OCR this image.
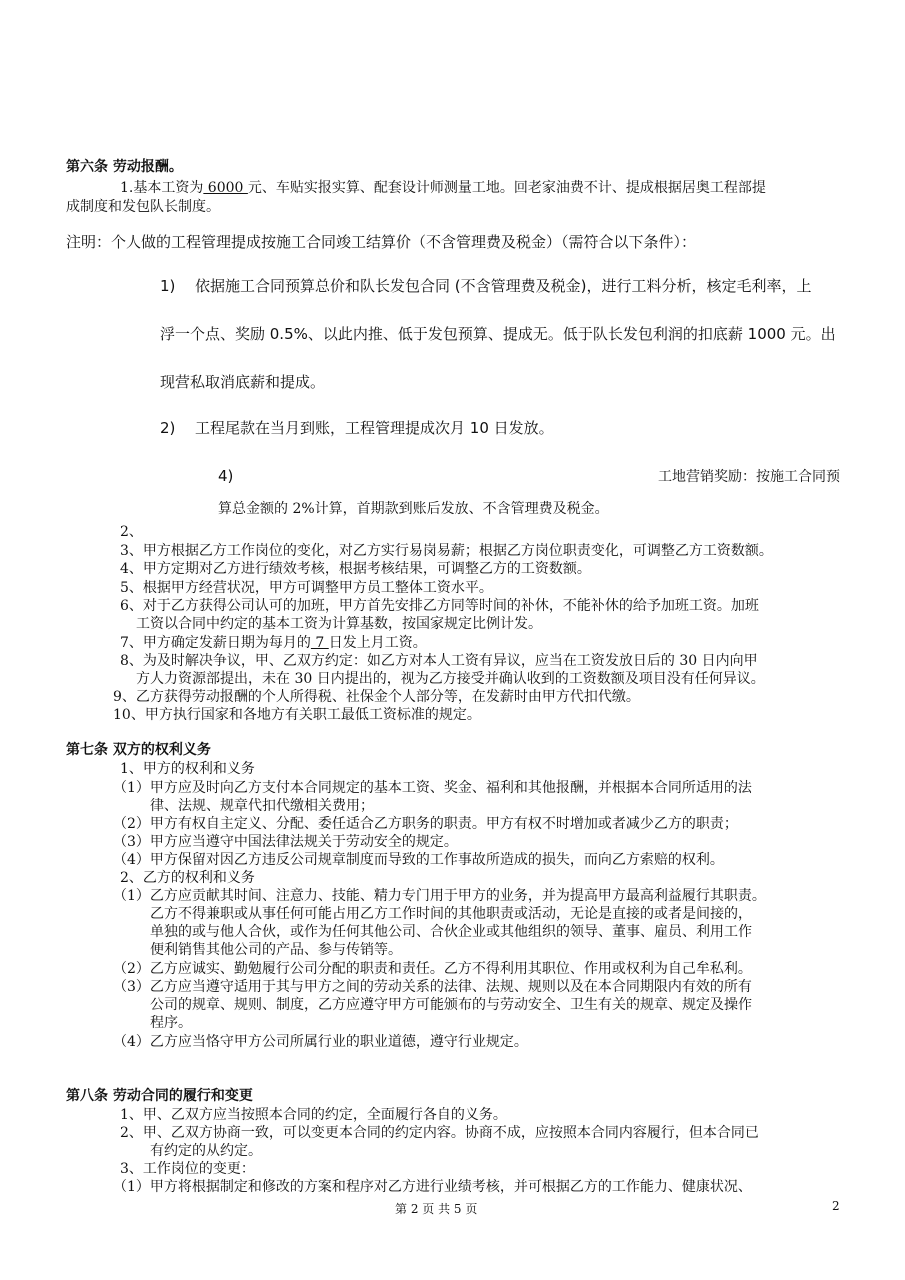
第六条 劳动报酬。
1.基本工资为 6000 元、车贴实报实算、配套设计师测量工地。回老家油费不计、提成根据居奥工程部提
成制度和发包队长制度。
注明：个人做的工程管理提成按施工合同竣工结算价（不含管理费及税金）（需符合以下条件）：
1) 依据施工合同预算总价和队长发包合同 (不含管理费及税金)，进行工料分析，核定毛利率，上
浮一个点、奖励 0.5%、以此内推、低于发包预算、提成无。低于队长发包利润的扣底薪 1000 元。出
现营私取消底薪和提成。
2) 工程尾款在当月到账，工程管理提成次月 10 日发放。
4)	工地营销奖励：按施工合同预
算总金额的 2%计算，首期款到账后发放、不含管理费及税金。
2、
3、甲方根据乙方工作岗位的变化，对乙方实行易岗易薪；根据乙方岗位职责变化，可调整乙方工资数额。
4、甲方定期对乙方进行绩效考核，根据考核结果，可调整乙方的工资数额。
5、根据甲方经营状况，甲方可调整甲方员工整体工资水平。
6、对于乙方获得公司认可的加班，甲方首先安排乙方同等时间的补休，不能补休的给予加班工资。加班
工资以合同中约定的基本工资为计算基数，按国家规定比例计发。
7、甲方确定发薪日期为每月的 7 日发上月工资。
8、为及时解决争议，甲、乙双方约定：如乙方对本人工资有异议，应当在工资发放日后的 30 日内向甲
方人力资源部提出，未在 30 日内提出的，视为乙方接受并确认收到的工资数额及项目没有任何异议。
9、乙方获得劳动报酬的个人所得税、社保金个人部分等，在发薪时由甲方代扣代缴。
10、甲方执行国家和各地方有关职工最低工资标准的规定。
第七条 双方的权利义务
1、甲方的权利和义务
（1）甲方应及时向乙方支付本合同规定的基本工资、奖金、福利和其他报酬，并根据本合同所适用的法
律、法规、规章代扣代缴相关费用；
（2）甲方有权自主定义、分配、委任适合乙方职务的职责。甲方有权不时增加或者减少乙方的职责；
（3）甲方应当遵守中国法律法规关于劳动安全的规定。
（4）甲方保留对因乙方违反公司规章制度而导致的工作事故所造成的损失，而向乙方索赔的权利。
2、乙方的权利和义务
（1）乙方应贡献其时间、注意力、技能、精力专门用于甲方的业务，并为提高甲方最高利益履行其职责。
乙方不得兼职或从事任何可能占用乙方工作时间的其他职责或活动，无论是直接的或者是间接的，
单独的或与他人合伙，或作为任何其他公司、合伙企业或其他组织的领导、董事、雇员、利用工作
便利销售其他公司的产品、参与传销等。
（2）乙方应诚实、勤勉履行公司分配的职责和责任。乙方不得利用其职位、作用或权利为自己牟私利。
（3）乙方应当遵守适用于其与甲方之间的劳动关系的法律、法规、规则以及在本合同期限内有效的所有
公司的规章、规则、制度，乙方应遵守甲方可能颁布的与劳动安全、卫生有关的规章、规定及操作
程序。
（4）乙方应当恪守甲方公司所属行业的职业道德，遵守行业规定。
第八条 劳动合同的履行和变更
1、甲、乙双方应当按照本合同的约定，全面履行各自的义务。
2、甲、乙双方协商一致，可以变更本合同的约定内容。协商不成，应按照本合同内容履行，但本合同已
有约定的从约定。
3、工作岗位的变更：
（1）甲方将根据制定和修改的方案和程序对乙方进行业绩考核，并可根据乙方的工作能力、健康状况、
第 2 页 共 5 页	2
